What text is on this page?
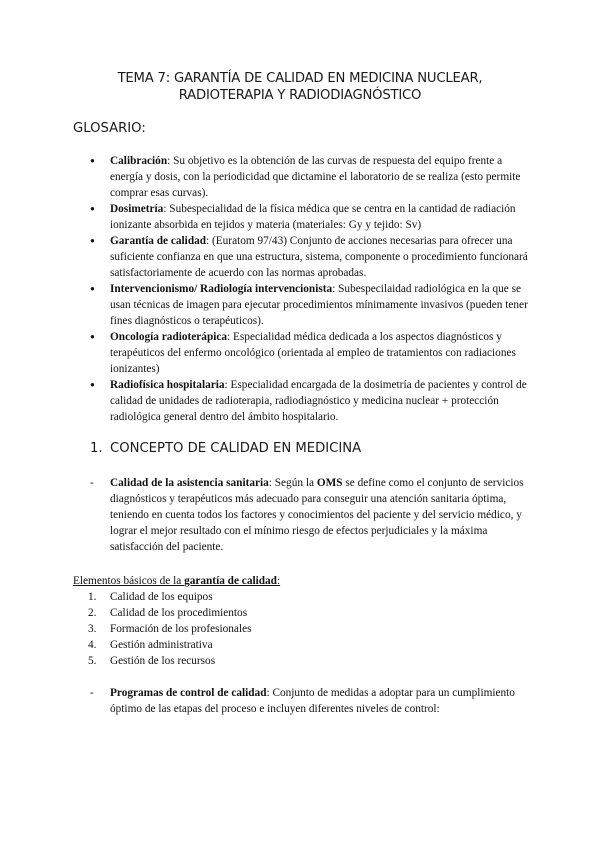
TEMA 7: GARANTÍA DE CALIDAD EN MEDICINA NUCLEAR,
RADIOTERAPIA Y RADIODIAGNÓSTICO
GLOSARIO:
● Calibración: Su objetivo es la obtención de las curvas de respuesta del equipo frente a energía y dosis, con la periodicidad que dictamine el laboratorio de se realiza (esto permite comprar esas curvas).
● Dosimetría: Subespecialidad de la física médica que se centra en la cantidad de radiación ionizante absorbida en tejidos y materia (materiales: Gy y tejido: Sv)
● Garantía de calidad: (Euratom 97/43) Conjunto de acciones necesarias para ofrecer una suficiente confianza en que una estructura, sistema, componente o procedimiento funcionará satisfactoriamente de acuerdo con las normas aprobadas.
● Intervencionismo/ Radiología intervencionista: Subespecilaidad radiológica en la que se usan técnicas de imagen para ejecutar procedimientos mínimamente invasivos (pueden tener fines diagnósticos o terapéuticos).
● Oncología radioterápica: Especialidad médica dedicada a los aspectos diagnósticos y terapéuticos del enfermo oncológico (orientada al empleo de tratamientos con radiaciones ionizantes)
● Radiofísica hospitalaria: Especialidad encargada de la dosimetría de pacientes y control de calidad de unidades de radioterapia, radiodiagnóstico y medicina nuclear + protección radiológica general dentro del ámbito hospitalario.
1. CONCEPTO DE CALIDAD EN MEDICINA
- Calidad de la asistencia sanitaria: Según la OMS se define como el conjunto de servicios diagnósticos y terapéuticos más adecuado para conseguir una atención sanitaria óptima, teniendo en cuenta todos los factores y conocimientos del paciente y del servicio médico, y lograr el mejor resultado con el mínimo riesgo de efectos perjudiciales y la máxima satisfacción del paciente.
Elementos básicos de la garantía de calidad:
1. Calidad de los equipos
2. Calidad de los procedimientos
3. Formación de los profesionales
4. Gestión administrativa
5. Gestión de los recursos
- Programas de control de calidad: Conjunto de medidas a adoptar para un cumplimiento óptimo de las etapas del proceso e incluyen diferentes niveles de control:
